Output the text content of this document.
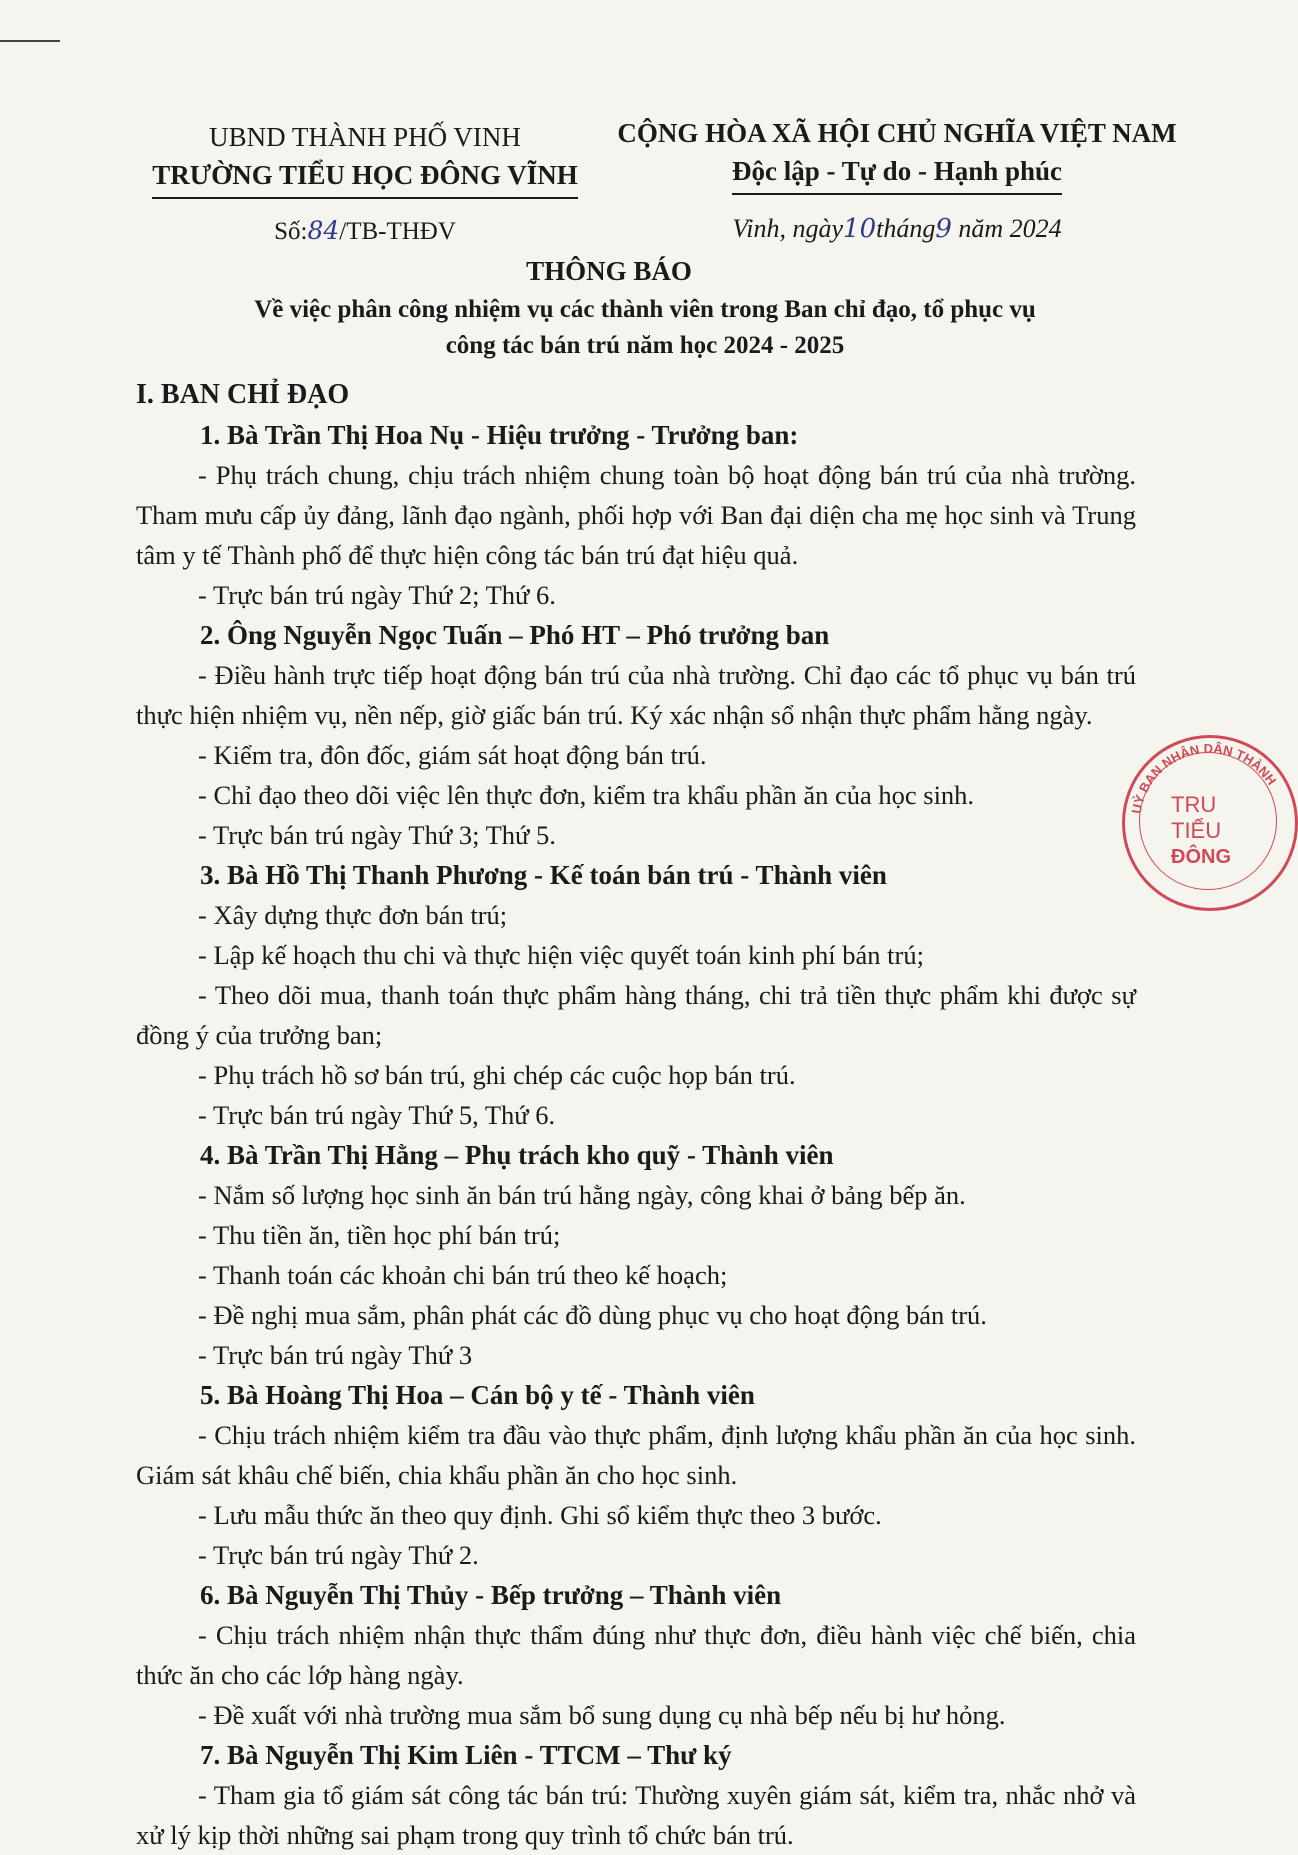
UBND THÀNH PHỐ VINH
TRƯỜNG TIỂU HỌC ĐÔNG VĨNH
Số:84/TB-THĐV
CỘNG HÒA XÃ HỘI CHỦ NGHĨA VIỆT NAM
Độc lập - Tự do - Hạnh phúc
Vinh, ngày10tháng9 năm 2024
THÔNG BÁO
Về việc phân công nhiệm vụ các thành viên trong Ban chỉ đạo, tổ phục vụ
công tác bán trú năm học 2024 - 2025
I. BAN CHỈ ĐẠO
1. Bà Trần Thị Hoa Nụ - Hiệu trưởng - Trưởng ban:
- Phụ trách chung, chịu trách nhiệm chung toàn bộ hoạt động bán trú của nhà trường. Tham mưu cấp ủy đảng, lãnh đạo ngành, phối hợp với Ban đại diện cha mẹ học sinh và Trung tâm y tế Thành phố để thực hiện công tác bán trú đạt hiệu quả.
- Trực bán trú ngày Thứ 2; Thứ 6.
2. Ông Nguyễn Ngọc Tuấn – Phó HT – Phó trưởng ban
- Điều hành trực tiếp hoạt động bán trú của nhà trường. Chỉ đạo các tổ phục vụ bán trú thực hiện nhiệm vụ, nền nếp, giờ giấc bán trú. Ký xác nhận sổ nhận thực phẩm hằng ngày.
- Kiểm tra, đôn đốc, giám sát hoạt động bán trú.
- Chỉ đạo theo dõi việc lên thực đơn, kiểm tra khẩu phần ăn của học sinh.
- Trực bán trú ngày Thứ 3; Thứ 5.
3. Bà Hồ Thị Thanh Phương - Kế toán bán trú - Thành viên
- Xây dựng thực đơn bán trú;
- Lập kế hoạch thu chi và thực hiện việc quyết toán kinh phí bán trú;
- Theo dõi mua, thanh toán thực phẩm hàng tháng, chi trả tiền thực phẩm khi được sự đồng ý của trưởng ban;
- Phụ trách hồ sơ bán trú, ghi chép các cuộc họp bán trú.
- Trực bán trú ngày Thứ 5, Thứ 6.
4. Bà Trần Thị Hằng – Phụ trách kho quỹ - Thành viên
- Nắm số lượng học sinh ăn bán trú hằng ngày, công khai ở bảng bếp ăn.
- Thu tiền ăn, tiền học phí bán trú;
- Thanh toán các khoản chi bán trú theo kế hoạch;
- Đề nghị mua sắm, phân phát các đồ dùng phục vụ cho hoạt động bán trú.
- Trực bán trú ngày Thứ 3
5. Bà Hoàng Thị Hoa – Cán bộ y tế - Thành viên
- Chịu trách nhiệm kiểm tra đầu vào thực phẩm, định lượng khẩu phần ăn của học sinh. Giám sát khâu chế biến, chia khẩu phần ăn cho học sinh.
- Lưu mẫu thức ăn theo quy định. Ghi sổ kiểm thực theo 3 bước.
- Trực bán trú ngày Thứ 2.
6. Bà Nguyễn Thị Thủy - Bếp trưởng – Thành viên
- Chịu trách nhiệm nhận thực thẩm đúng như thực đơn, điều hành việc chế biến, chia thức ăn cho các lớp hàng ngày.
- Đề xuất với nhà trường mua sắm bổ sung dụng cụ nhà bếp nếu bị hư hỏng.
7. Bà Nguyễn Thị Kim Liên - TTCM – Thư ký
- Tham gia tổ giám sát công tác bán trú: Thường xuyên giám sát, kiểm tra, nhắc nhở và xử lý kịp thời những sai phạm trong quy trình tổ chức bán trú.
UỶ BAN NHÂN DÂN THÀNH
TRU
TIỂU
ĐÔNG
